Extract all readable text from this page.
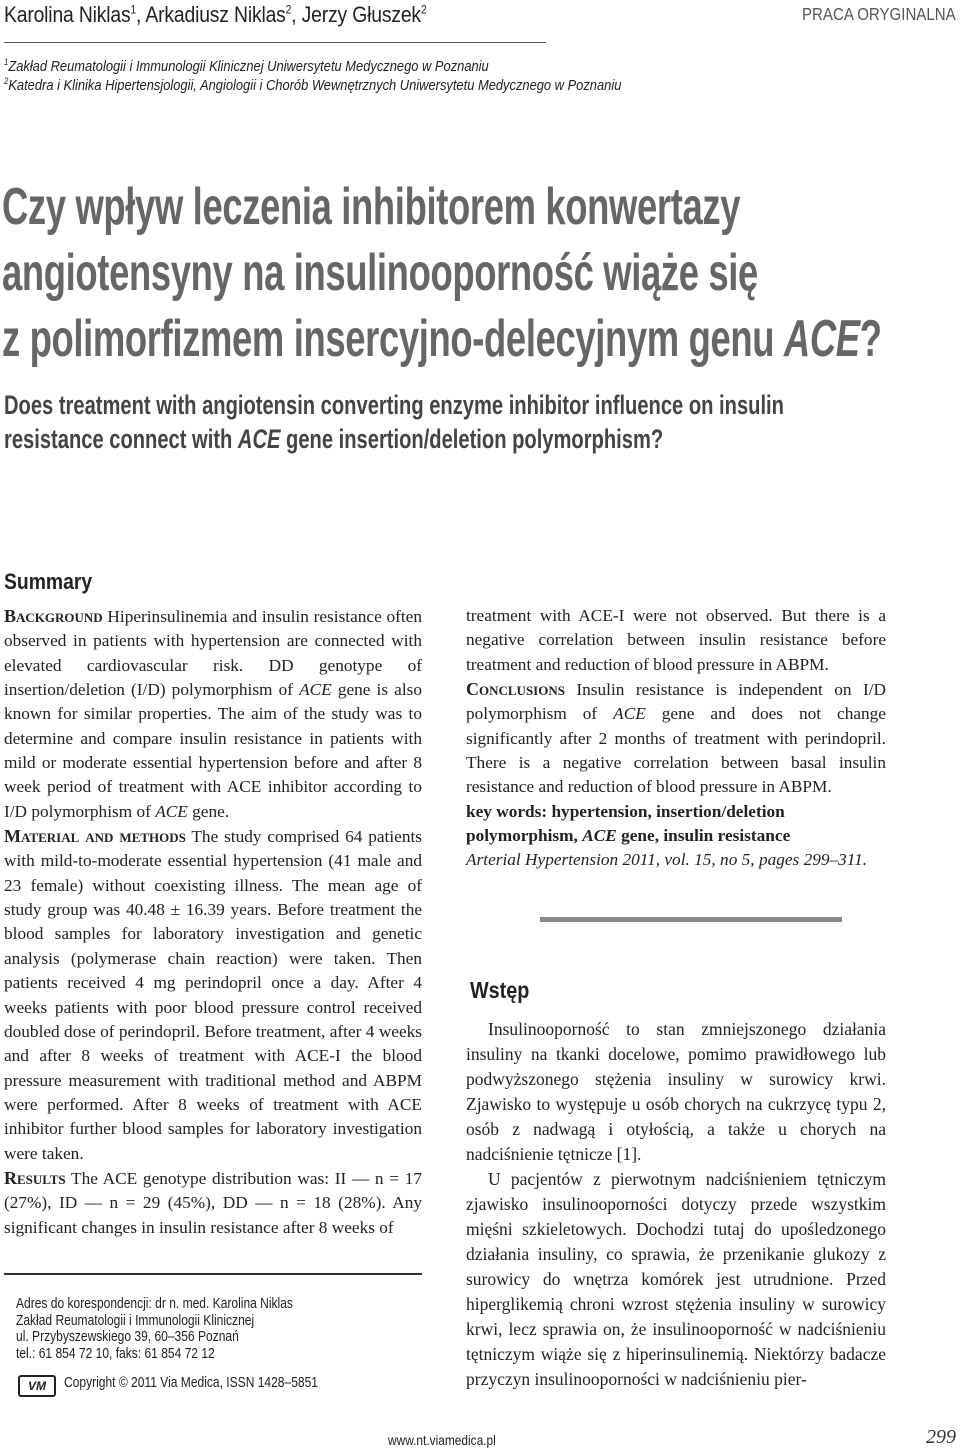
Karolina Niklas$^1$, Arkadiusz Niklas$^2$, Jerzy Głuszek$^2$	PRACA ORYGINALNA
$^1$Zakład Reumatologii i Immunologii Klinicznej Uniwersytetu Medycznego w Poznaniu
$^2$Katedra i Klinika Hipertensjologii, Angiologii i Chorób Wewnętrznych Uniwersytetu Medycznego w Poznaniu
Czy wpływ leczenia inhibitorem konwertazy
angiotensyny na insulinooporność wiąże się
z polimorfizmem insercyjno-delecyjnym genu ACE?
Does treatment with angiotensin converting enzyme inhibitor influence on insulin
resistance connect with ACE gene insertion/deletion polymorphism?
Summary

Background Hiperinsulinemia and insulin resistance often observed in patients with hypertension are connected with elevated cardiovascular risk. DD genotype of insertion/deletion (I/D) polymorphism of ACE gene is also known for similar properties. The aim of the study was to determine and compare insulin resistance in patients with mild or moderate essential hypertension before and after 8 week period of treatment with ACE inhibitor according to I/D polymorphism of ACE gene.

Material and methods The study comprised 64 patients with mild-to-moderate essential hypertension (41 male and 23 female) without coexisting illness. The mean age of study group was 40.48 ± 16.39 years. Before treatment the blood samples for laboratory investigation and genetic analysis (polymerase chain reaction) were taken. Then patients received 4 mg perindopril once a day. After 4 weeks patients with poor blood pressure control received doubled dose of perindopril. Before treatment, after 4 weeks and after 8 weeks of treatment with ACE-I the blood pressure measurement with traditional method and ABPM were performed. After 8 weeks of treatment with ACE inhibitor further blood samples for laboratory investigation were taken.

Results The ACE genotype distribution was: II — n = 17 (27%), ID — n = 29 (45%), DD — n = 18 (28%). Any significant changes in insulin resistance after 8 weeks of

treatment with ACE-I were not observed. But there is a negative correlation between insulin resistance before treatment and reduction of blood pressure in ABPM.

Conclusions Insulin resistance is independent on I/D polymorphism of ACE gene and does not change significantly after 2 months of treatment with perindopril. There is a negative correlation between basal insulin resistance and reduction of blood pressure in ABPM.

key words: hypertension, insertion/deletion polymorphism, ACE gene, insulin resistance

Arterial Hypertension 2011, vol. 15, no 5, pages 299–311.

Wstęp

Insulinooporność to stan zmniejszonego działania insuliny na tkanki docelowe, pomimo prawidłowego lub podwyższonego stężenia insuliny w surowicy krwi. Zjawisko to występuje u osób chorych na cukrzycę typu 2, osób z nadwagą i otyłością, a także u chorych na nadciśnienie tętnicze [1].

U pacjentów z pierwotnym nadciśnieniem tętniczym zjawisko insulinooporności dotyczy przede wszystkim mięśni szkieletowych. Dochodzi tutaj do upośledzonego działania insuliny, co sprawia, że przenikanie glukozy z surowicy do wnętrza komórek jest utrudnione. Przed hiperglikemią chroni wzrost stężenia insuliny w surowicy krwi, lecz sprawia on, że insulinooporność w nadciśnieniu tętniczym wiąże się z hiperinsulinemią. Niektórzy badacze przyczyn insulinooporności w nadciśnieniu pier-

Adres do korespondencji: dr n. med. Karolina Niklas
Zakład Reumatologii i Immunologii Klinicznej
ul. Przybyszewskiego 39, 60–356 Poznań
tel.: 61 854 72 10, faks: 61 854 72 12
VM	Copyright © 2011 Via Medica, ISSN 1428–5851
www.nt.viamedica.pl	299
